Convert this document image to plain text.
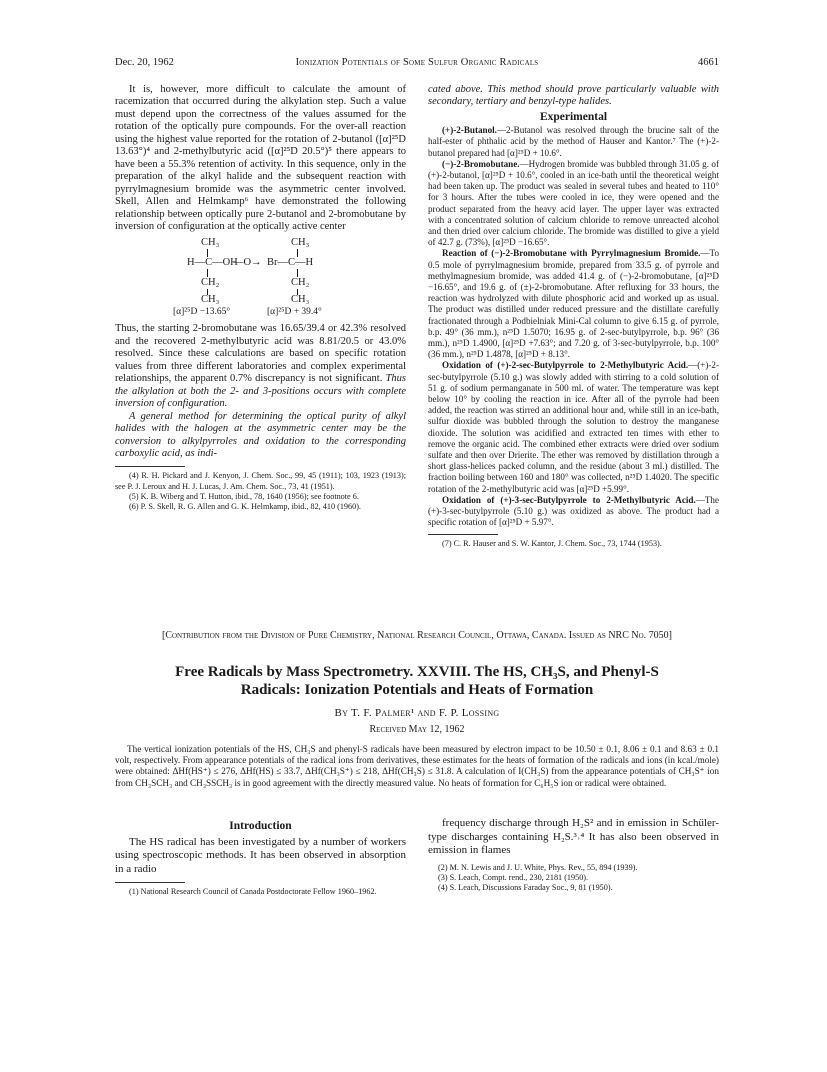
Dec. 20, 1962	Ionization Potentials of Some Sulfur Organic Radicals	4661

It is, however, more difficult to calculate the amount of racemization that occurred during the alkylation step. Such a value must depend upon the correctness of the values assumed for the rotation of the optically pure compounds. For the over-all reaction using the highest value reported for the rotation of 2-butanol ([α]²⁵D 13.63°)⁴ and 2-methylbutyric acid ([α]²⁵D 20.5°)⁵ there appears to have been a 55.3% retention of activity. In this sequence, only in the preparation of the alkyl halide and the subsequent reaction with pyrrylmagnesium bromide was the asymmetric center involved. Skell, Allen and Helmkamp⁶ have demonstrated the following relationship between optically pure 2-butanol and 2-bromobutane by inversion of configuration at the optically active center

CH₃	CH₃
H—C—OH
—O→ Br—C—H
CH₂	CH₂
CH₃	CH₃
[α]²⁵D −13.65°	[α]²⁵D + 39.4°

Thus, the starting 2-bromobutane was 16.65/39.4 or 42.3% resolved and the recovered 2-methylbutyric acid was 8.81/20.5 or 43.0% resolved. Since these calculations are based on specific rotation values from three different laboratories and complex experimental relationships, the apparent 0.7% discrepancy is not significant. Thus the alkylation at both the 2- and 3-positions occurs with complete inversion of configuration.

A general method for determining the optical purity of alkyl halides with the halogen at the asymmetric center may be the conversion to alkylpyrroles and oxidation to the corresponding carboxylic acid, as indi-

(4) R. H. Pickard and J. Kenyon, J. Chem. Soc., 99, 45 (1911); 103, 1923 (1913); see P. J. Leroux and H. J. Lucas, J. Am. Chem. Soc., 73, 41 (1951).

(5) K. B. Wiberg and T. Hutton, ibid., 78, 1640 (1956); see footnote 6.

(6) P. S. Skell, R. G. Allen and G. K. Helmkamp, ibid., 82, 410 (1960).

cated above. This method should prove particularly valuable with secondary, tertiary and benzyl-type halides.

Experimental

(+)-2-Butanol.—2-Butanol was resolved through the brucine salt of the half-ester of phthalic acid by the method of Hauser and Kantor.⁷ The (+)-2-butanol prepared had [α]²⁵D + 10.6°.

(−)-2-Bromobutane.—Hydrogen bromide was bubbled through 31.05 g. of (+)-2-butanol, [α]²⁵D + 10.6°, cooled in an ice-bath until the theoretical weight had been taken up. The product was sealed in several tubes and heated to 110° for 3 hours. After the tubes were cooled in ice, they were opened and the product separated from the heavy acid layer. The upper layer was extracted with a concentrated solution of calcium chloride to remove unreacted alcohol and then dried over calcium chloride. The bromide was distilled to give a yield of 42.7 g. (73%), [α]²⁵D −16.65°.

Reaction of (−)-2-Bromobutane with Pyrrylmagnesium Bromide.—To 0.5 mole of pyrrylmagnesium bromide, prepared from 33.5 g. of pyrrole and methylmagnesium bromide, was added 41.4 g. of (−)-2-bromobutane, [α]²⁵D −16.65°, and 19.6 g. of (±)-2-bromobutane. After refluxing for 33 hours, the reaction was hydrolyzed with dilute phosphoric acid and worked up as usual. The product was distilled under reduced pressure and the distillate carefully fractionated through a Podbielniak Mini-Cal column to give 6.15 g. of pyrrole, b.p. 49° (36 mm.), n²⁵D 1.5070; 16.95 g. of 2-sec-butylpyrrole, b.p. 96° (36 mm.), n²⁵D 1.4900, [α]²⁵D +7.63°; and 7.20 g. of 3-sec-butylpyrrole, b.p. 100° (36 mm.), n²⁵D 1.4878, [α]²⁵D + 8.13°.

Oxidation of (+)-2-sec-Butylpyrrole to 2-Methylbutyric Acid.—(+)-2-sec-butylpyrrole (5.10 g.) was slowly added with stirring to a cold solution of 51 g. of sodium permanganate in 500 ml. of water. The temperature was kept below 10° by cooling the reaction in ice. After all of the pyrrole had been added, the reaction was stirred an additional hour and, while still in an ice-bath, sulfur dioxide was bubbled through the solution to destroy the manganese dioxide. The solution was acidified and extracted ten times with ether to remove the organic acid. The combined ether extracts were dried over sodium sulfate and then over Drierite. The ether was removed by distillation through a short glass-helices packed column, and the residue (about 3 ml.) distilled. The fraction boiling between 160 and 180° was collected, n²⁵D 1.4020. The specific rotation of the 2-methylbutyric acid was [α]²⁵D +5.99°.

Oxidation of (+)-3-sec-Butylpyrrole to 2-Methylbutyric Acid.—The (+)-3-sec-butylpyrrole (5.10 g.) was oxidized as above. The product had a specific rotation of [α]²⁵D + 5.97°.

(7) C. R. Hauser and S. W. Kantor, J. Chem. Soc., 73, 1744 (1953).

[Contribution from the Division of Pure Chemistry, National Research Council, Ottawa, Canada. Issued as NRC No. 7050]
Free Radicals by Mass Spectrometry. XXVIII. The HS, CH₃S, and Phenyl-S
Radicals: Ionization Potentials and Heats of Formation
By T. F. Palmer¹ and F. P. Lossing
Received May 12, 1962

The vertical ionization potentials of the HS, CH₃S and phenyl-S radicals have been measured by electron impact to be 10.50 ± 0.1, 8.06 ± 0.1 and 8.63 ± 0.1 volt, respectively. From appearance potentials of the radical ions from derivatives, these estimates for the heats of formation of the radicals and ions (in kcal./mole) were obtained: ΔHf(HS⁺) ≤ 276, ΔHf(HS) ≤ 33.7, ΔHf(CH₃S⁺) ≤ 218, ΔHf(CH₃S) ≤ 31.8. A calculation of I(CH₃S) from the appearance potentials of CH₃S⁺ ion from CH₃SCH₃ and CH₃SSCH₃ is in good agreement with the directly measured value. No heats of formation for C₆H₅S ion or radical were obtained.

Introduction

The HS radical has been investigated by a number of workers using spectroscopic methods. It has been observed in absorption in a radio

(1) National Research Council of Canada Postdoctorate Fellow 1960–1962.

frequency discharge through H₂S² and in emission in Schüler-type discharges containing H₂S.³˒⁴ It has also been observed in emission in flames

(2) M. N. Lewis and J. U. White, Phys. Rev., 55, 894 (1939).

(3) S. Leach, Compt. rend., 230, 2181 (1950).

(4) S. Leach, Discussions Faraday Soc., 9, 81 (1950).
